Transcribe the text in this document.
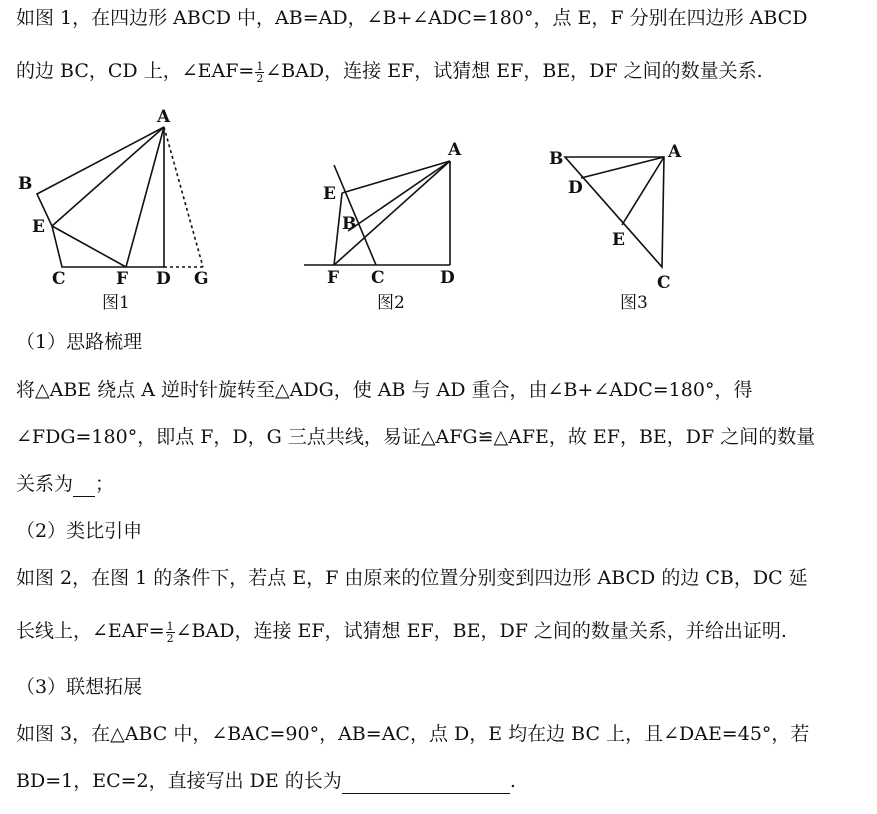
如图 1，在四边形 ABCD 中，AB=AD，∠B+∠ADC=180°，点 E，F 分别在四边形 ABCD
的边 BC，CD 上，∠EAF= $\frac{1}{2}$ ∠BAD，连接 EF，试猜想 EF，BE，DF 之间的数量关系.
A
B
E
C	F D G
图1
A
E
B
F C	D
图2
B	A
D
E
C
图3
（1）思路梳理
将△ABE 绕点 A 逆时针旋转至△ADG，使 AB 与 AD 重合，由∠B+∠ADC=180°，得
∠FDG=180°，即点 F，D，G 三点共线，易证△AFG≌△AFE，故 EF，BE，DF 之间的数量
关系为 ；
（2）类比引申
如图 2，在图 1 的条件下，若点 E，F 由原来的位置分别变到四边形 ABCD 的边 CB，DC 延
长线上，∠EAF= $\frac{1}{2}$ ∠BAD，连接 EF，试猜想 EF，BE，DF 之间的数量关系，并给出证明.
（3）联想拓展
如图 3，在△ABC 中，∠BAC=90°，AB=AC，点 D，E 均在边 BC 上，且∠DAE=45°，若
BD=1，EC=2，直接写出 DE 的长为	.
